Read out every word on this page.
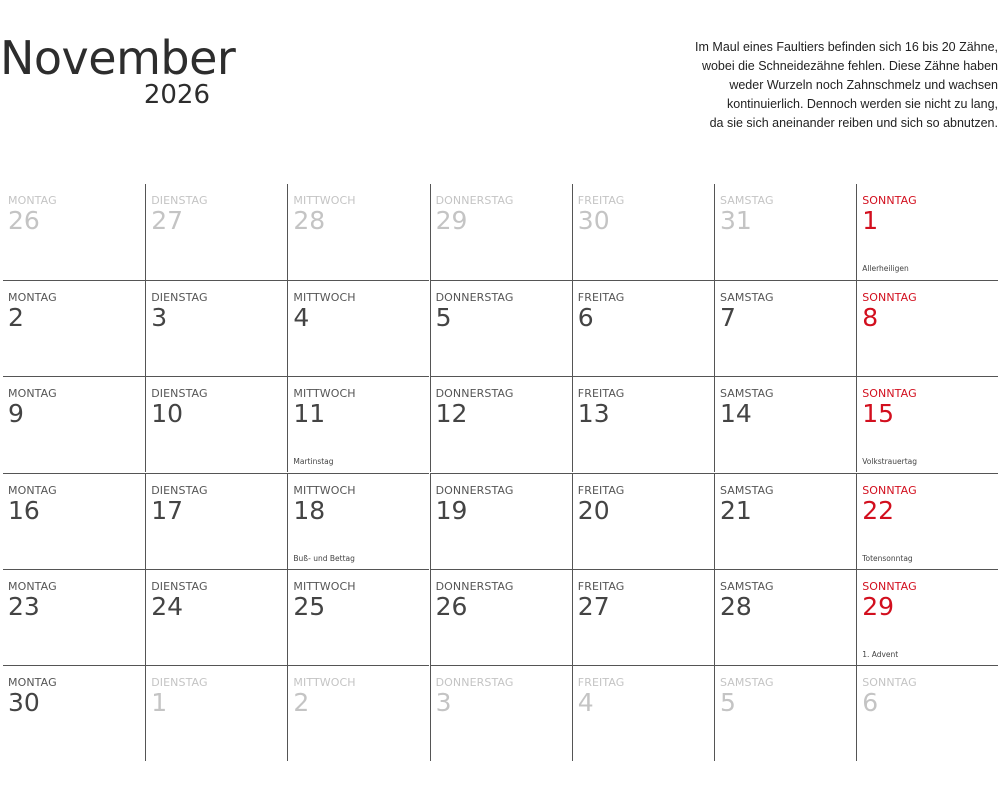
November
2026
Im Maul eines Faultiers befinden sich 16 bis 20 Zähne,
wobei die Schneidezähne fehlen. Diese Zähne haben
weder Wurzeln noch Zahnschmelz und wachsen
kontinuierlich. Dennoch werden sie nicht zu lang,
da sie sich aneinander reiben und sich so abnutzen.
MONTAG
26
DIENSTAG
27
MITTWOCH
28
DONNERSTAG
29
FREITAG
30
SAMSTAG
31
SONNTAG
1
Allerheiligen
MONTAG
2
DIENSTAG
3
MITTWOCH
4
DONNERSTAG
5
FREITAG
6
SAMSTAG
7
SONNTAG
8
MONTAG
9
DIENSTAG
10
MITTWOCH
11
Martinstag
DONNERSTAG
12
FREITAG
13
SAMSTAG
14
SONNTAG
15
Volkstrauertag
MONTAG
16
DIENSTAG
17
MITTWOCH
18
Buß- und Bettag
DONNERSTAG
19
FREITAG
20
SAMSTAG
21
SONNTAG
22
Totensonntag
MONTAG
23
DIENSTAG
24
MITTWOCH
25
DONNERSTAG
26
FREITAG
27
SAMSTAG
28
SONNTAG
29
1. Advent
MONTAG
30
DIENSTAG
1
MITTWOCH
2
DONNERSTAG
3
FREITAG
4
SAMSTAG
5
SONNTAG
6
